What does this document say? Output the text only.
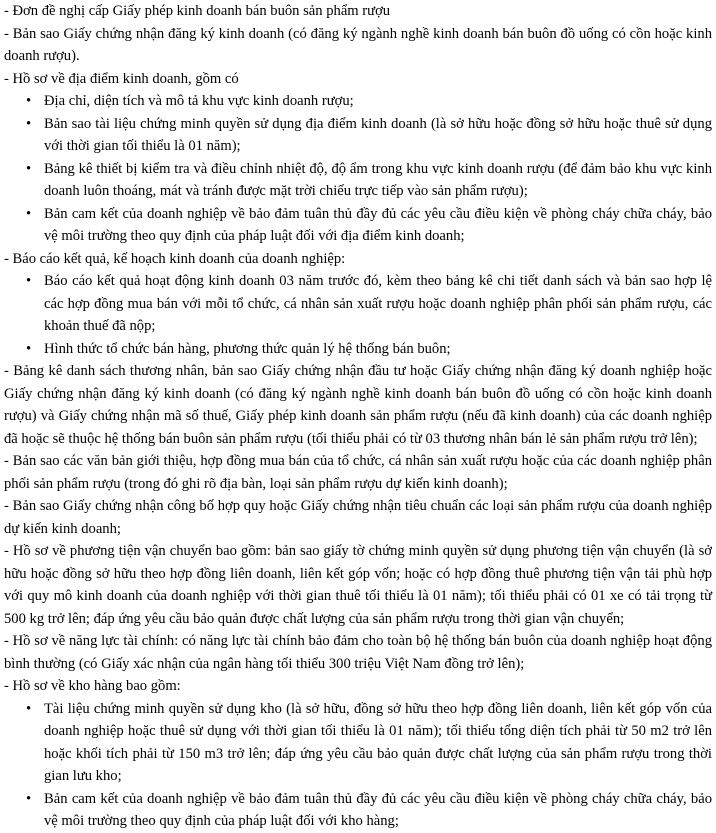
- Đơn đề nghị cấp Giấy phép kinh doanh bán buôn sản phẩm rượu

- Bản sao Giấy chứng nhận đăng ký kinh doanh (có đăng ký ngành nghề kinh doanh bán buôn đồ uống có cồn hoặc kinh doanh rượu).

- Hồ sơ về địa điểm kinh doanh, gồm có

• Địa chỉ, diện tích và mô tả khu vực kinh doanh rượu;
• Bản sao tài liệu chứng minh quyền sử dụng địa điểm kinh doanh (là sở hữu hoặc đồng sở hữu hoặc thuê sử dụng với thời gian tối thiểu là 01 năm);
• Bảng kê thiết bị kiểm tra và điều chỉnh nhiệt độ, độ ẩm trong khu vực kinh doanh rượu (để đảm bảo khu vực kinh doanh luôn thoáng, mát và tránh được mặt trời chiếu trực tiếp vào sản phẩm rượu);
• Bản cam kết của doanh nghiệp về bảo đảm tuân thủ đầy đủ các yêu cầu điều kiện về phòng cháy chữa cháy, bảo vệ môi trường theo quy định của pháp luật đối với địa điểm kinh doanh;

- Báo cáo kết quả, kế hoạch kinh doanh của doanh nghiệp:

• Báo cáo kết quả hoạt động kinh doanh 03 năm trước đó, kèm theo bảng kê chi tiết danh sách và bản sao hợp lệ các hợp đồng mua bán với mỗi tổ chức, cá nhân sản xuất rượu hoặc doanh nghiệp phân phối sản phẩm rượu, các khoản thuế đã nộp;
• Hình thức tổ chức bán hàng, phương thức quản lý hệ thống bán buôn;

- Bảng kê danh sách thương nhân, bản sao Giấy chứng nhận đầu tư hoặc Giấy chứng nhận đăng ký doanh nghiệp hoặc Giấy chứng nhận đăng ký kinh doanh (có đăng ký ngành nghề kinh doanh bán buôn đồ uống có cồn hoặc kinh doanh rượu) và Giấy chứng nhận mã số thuế, Giấy phép kinh doanh sản phẩm rượu (nếu đã kinh doanh) của các doanh nghiệp đã hoặc sẽ thuộc hệ thống bán buôn sản phẩm rượu (tối thiểu phải có từ 03 thương nhân bán lẻ sản phẩm rượu trở lên);

- Bản sao các văn bản giới thiệu, hợp đồng mua bán của tổ chức, cá nhân sản xuất rượu hoặc của các doanh nghiệp phân phối sản phẩm rượu (trong đó ghi rõ địa bàn, loại sản phẩm rượu dự kiến kinh doanh);

- Bản sao Giấy chứng nhận công bố hợp quy hoặc Giấy chứng nhận tiêu chuẩn các loại sản phẩm rượu của doanh nghiệp dự kiến kinh doanh;

- Hồ sơ về phương tiện vận chuyển bao gồm: bản sao giấy tờ chứng minh quyền sử dụng phương tiện vận chuyển (là sở hữu hoặc đồng sở hữu theo hợp đồng liên doanh, liên kết góp vốn; hoặc có hợp đồng thuê phương tiện vận tải phù hợp với quy mô kinh doanh của doanh nghiệp với thời gian thuê tối thiểu là 01 năm); tối thiểu phải có 01 xe có tải trọng từ 500 kg trở lên; đáp ứng yêu cầu bảo quản được chất lượng của sản phẩm rượu trong thời gian vận chuyển;

- Hồ sơ về năng lực tài chính: có năng lực tài chính bảo đảm cho toàn bộ hệ thống bán buôn của doanh nghiệp hoạt động bình thường (có Giấy xác nhận của ngân hàng tối thiểu 300 triệu Việt Nam đồng trở lên);

- Hồ sơ về kho hàng bao gồm:

• Tài liệu chứng minh quyền sử dụng kho (là sở hữu, đồng sở hữu theo hợp đồng liên doanh, liên kết góp vốn của doanh nghiệp hoặc thuê sử dụng với thời gian tối thiểu là 01 năm); tối thiểu tổng diện tích phải từ 50 m2 trở lên hoặc khối tích phải từ 150 m3 trở lên; đáp ứng yêu cầu bảo quản được chất lượng của sản phẩm rượu trong thời gian lưu kho;
• Bản cam kết của doanh nghiệp về bảo đảm tuân thủ đầy đủ các yêu cầu điều kiện về phòng cháy chữa cháy, bảo vệ môi trường theo quy định của pháp luật đối với kho hàng;
